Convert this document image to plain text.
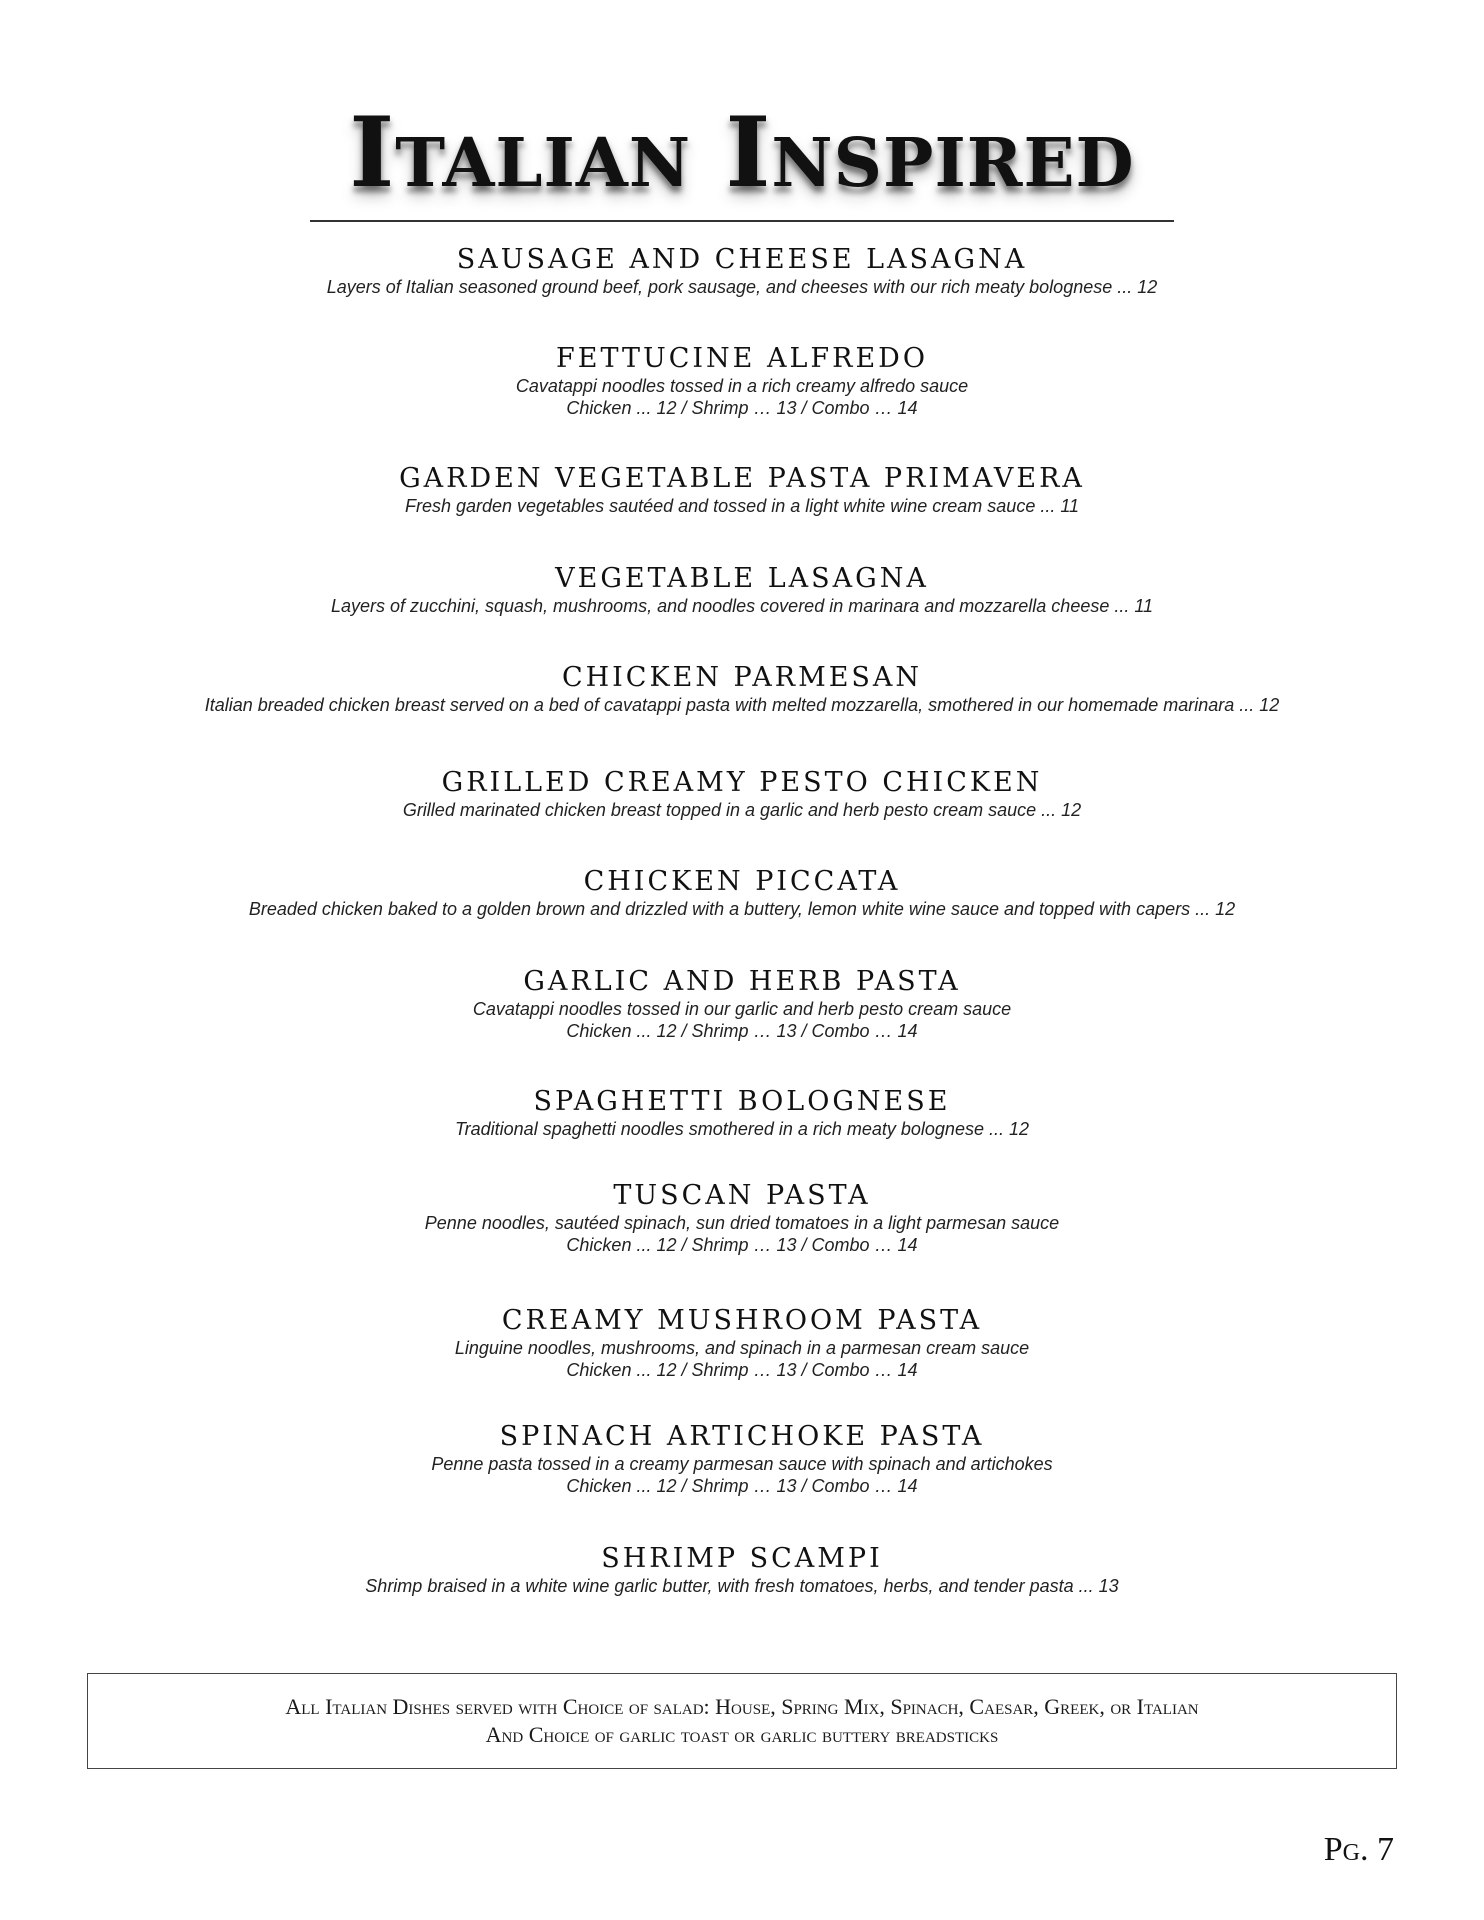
Italian Inspired
SAUSAGE AND CHEESE LASAGNA

Layers of Italian seasoned ground beef, pork sausage, and cheeses with our rich meaty bolognese ... 12

FETTUCINE ALFREDO

Cavatappi noodles tossed in a rich creamy alfredo sauce

Chicken ... 12 / Shrimp … 13 / Combo … 14

GARDEN VEGETABLE PASTA PRIMAVERA

Fresh garden vegetables sautéed and tossed in a light white wine cream sauce ... 11

VEGETABLE LASAGNA

Layers of zucchini, squash, mushrooms, and noodles covered in marinara and mozzarella cheese ... 11

CHICKEN PARMESAN

Italian breaded chicken breast served on a bed of cavatappi pasta with melted mozzarella, smothered in our homemade marinara ... 12

GRILLED CREAMY PESTO CHICKEN

Grilled marinated chicken breast topped in a garlic and herb pesto cream sauce ... 12

CHICKEN PICCATA

Breaded chicken baked to a golden brown and drizzled with a buttery, lemon white wine sauce and topped with capers ... 12

GARLIC AND HERB PASTA

Cavatappi noodles tossed in our garlic and herb pesto cream sauce

Chicken ... 12 / Shrimp … 13 / Combo … 14

SPAGHETTI BOLOGNESE

Traditional spaghetti noodles smothered in a rich meaty bolognese ... 12

TUSCAN PASTA

Penne noodles, sautéed spinach, sun dried tomatoes in a light parmesan sauce

Chicken ... 12 / Shrimp … 13 / Combo … 14

CREAMY MUSHROOM PASTA

Linguine noodles, mushrooms, and spinach in a parmesan cream sauce

Chicken ... 12 / Shrimp … 13 / Combo … 14

SPINACH ARTICHOKE PASTA

Penne pasta tossed in a creamy parmesan sauce with spinach and artichokes

Chicken ... 12 / Shrimp … 13 / Combo … 14

SHRIMP SCAMPI

Shrimp braised in a white wine garlic butter, with fresh tomatoes, herbs, and tender pasta ... 13

All Italian Dishes served with Choice of salad: House, Spring Mix, Spinach, Caesar, Greek, or Italian
And Choice of garlic toast or garlic buttery breadsticks
Pg. 7
